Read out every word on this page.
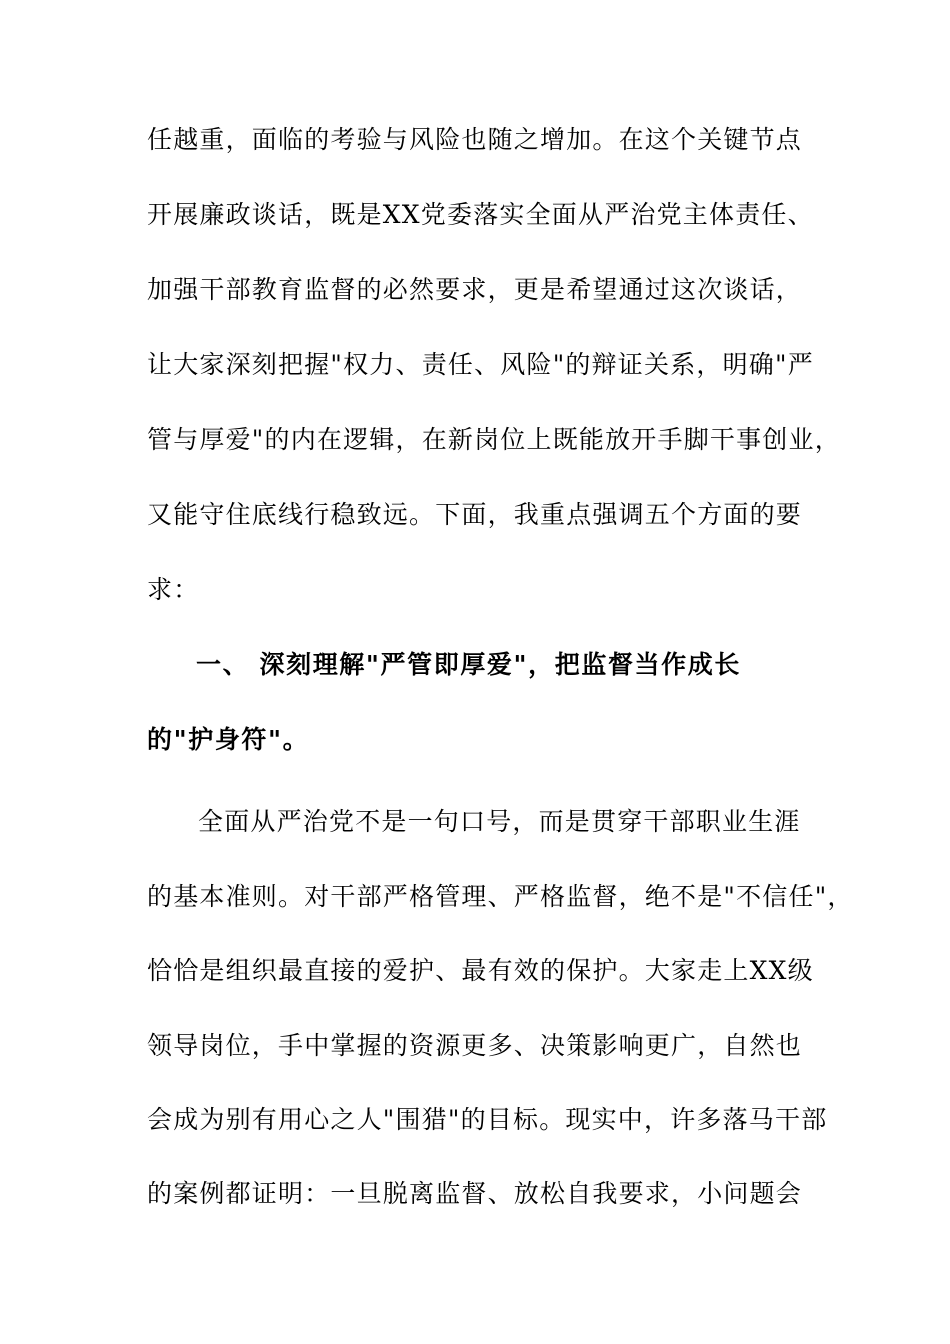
任越重，面临的考验与风险也随之增加。在这个关键节点
开展廉政谈话，既是XX党委落实全面从严治党主体责任、
加强干部教育监督的必然要求，更是希望通过这次谈话，
让大家深刻把握"权力、责任、风险"的辩证关系，明确"严
管与厚爱"的内在逻辑，在新岗位上既能放开手脚干事创业，
又能守住底线行稳致远。下面，我重点强调五个方面的要
求：
一、 深刻理解"严管即厚爱"，把监督当作成长
的"护身符"。
全面从严治党不是一句口号，而是贯穿干部职业生涯
的基本准则。对干部严格管理、严格监督，绝不是"不信任"，
恰恰是组织最直接的爱护、最有效的保护。大家走上XX级
领导岗位，手中掌握的资源更多、决策影响更广，自然也
会成为别有用心之人"围猎"的目标。现实中，许多落马干部
的案例都证明：一旦脱离监督、放松自我要求，小问题会
